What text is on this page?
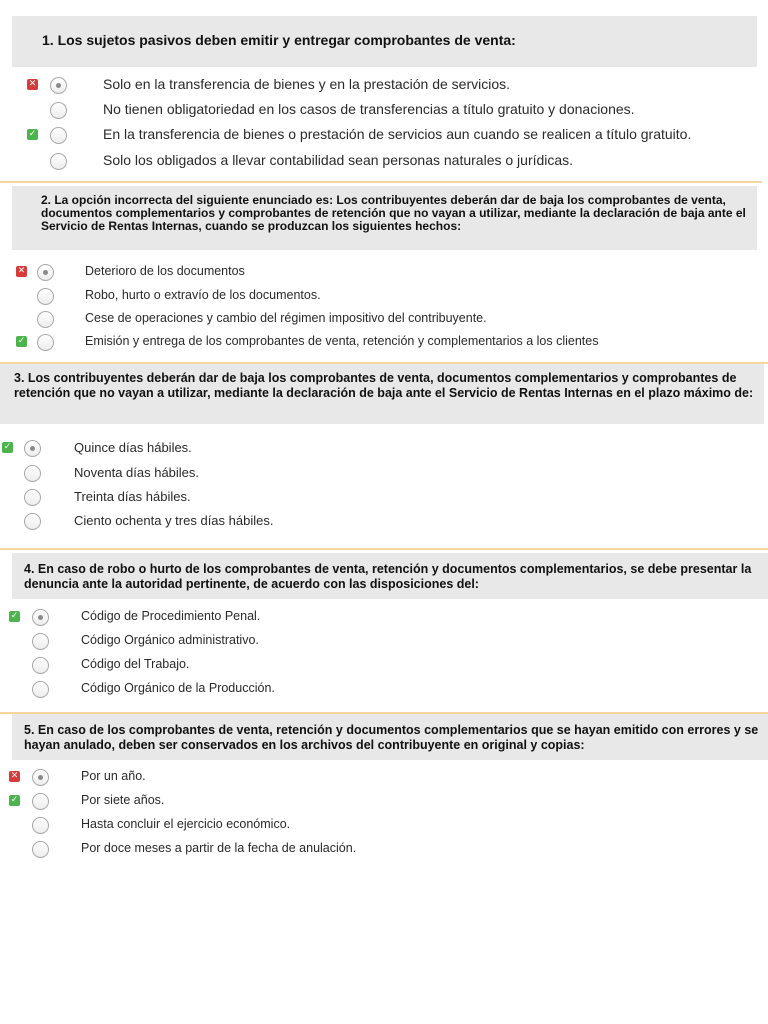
1. Los sujetos pasivos deben emitir y entregar comprobantes de venta:
✕	Solo en la transferencia de bienes y en la prestación de servicios.
No tienen obligatoriedad en los casos de transferencias a título gratuito y donaciones.
✓	En la transferencia de bienes o prestación de servicios aun cuando se realicen a título gratuito.
Solo los obligados a llevar contabilidad sean personas naturales o jurídicas.
2. La opción incorrecta del siguiente enunciado es: Los contribuyentes deberán dar de baja los comprobantes de venta, documentos complementarios y comprobantes de retención que no vayan a utilizar, mediante la declaración de baja ante el Servicio de Rentas Internas, cuando se produzcan los siguientes hechos:
✕	Deterioro de los documentos
Robo, hurto o extravío de los documentos.
Cese de operaciones y cambio del régimen impositivo del contribuyente.
✓	Emisión y entrega de los comprobantes de venta, retención y complementarios a los clientes
3. Los contribuyentes deberán dar de baja los comprobantes de venta, documentos complementarios y comprobantes de retención que no vayan a utilizar, mediante la declaración de baja ante el Servicio de Rentas Internas en el plazo máximo de:
✓	Quince días hábiles.
Noventa días hábiles.
Treinta días hábiles.
Ciento ochenta y tres días hábiles.
4. En caso de robo o hurto de los comprobantes de venta, retención y documentos complementarios, se debe presentar la denuncia ante la autoridad pertinente, de acuerdo con las disposiciones del:
✓	Código de Procedimiento Penal.
Código Orgánico administrativo.
Código del Trabajo.
Código Orgánico de la Producción.
5. En caso de los comprobantes de venta, retención y documentos complementarios que se hayan emitido con errores y se hayan anulado, deben ser conservados en los archivos del contribuyente en original y copias:
✕	Por un año.
✓	Por siete años.
Hasta concluir el ejercicio económico.
Por doce meses a partir de la fecha de anulación.
